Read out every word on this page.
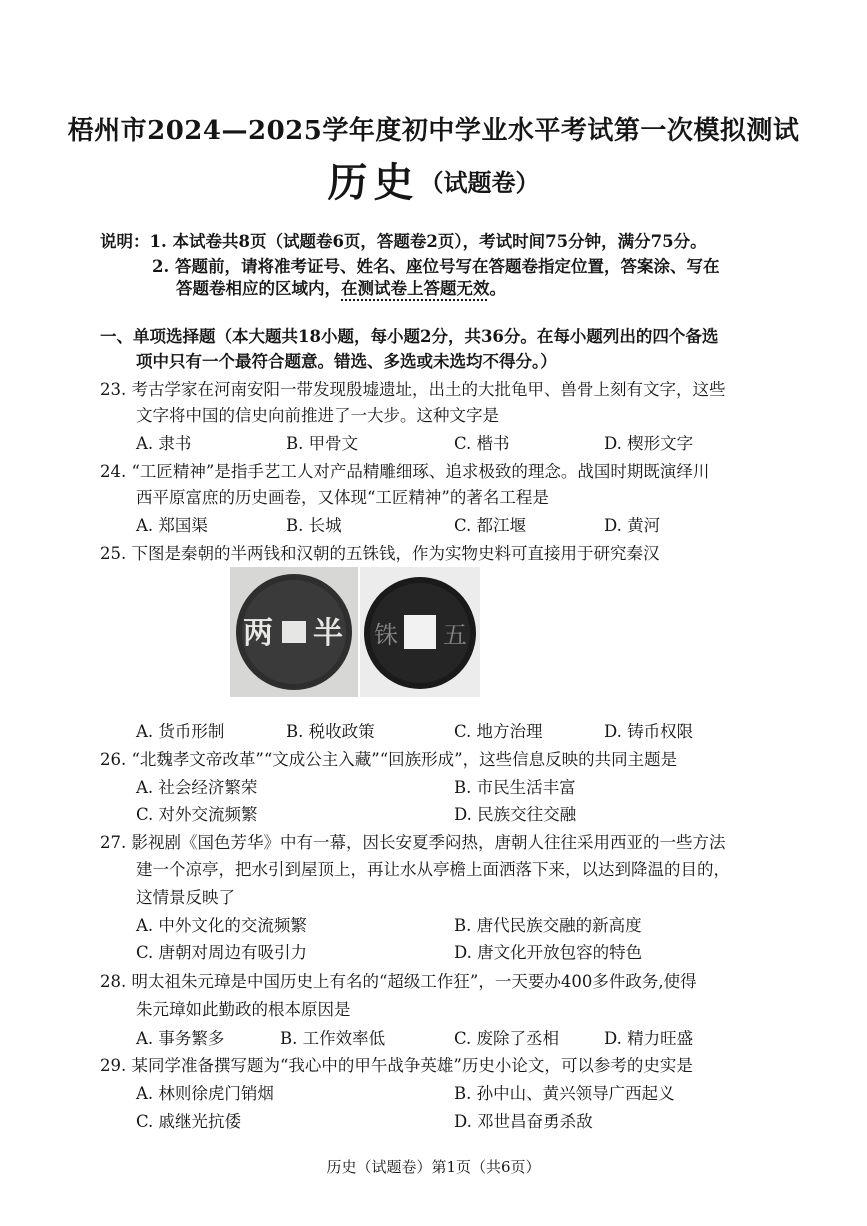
梧州市2024—2025学年度初中学业水平考试第一次模拟测试
历史（试题卷）
说明：1. 本试卷共8页（试题卷6页，答题卷2页），考试时间75分钟，满分75分。
2. 答题前，请将准考证号、姓名、座位号写在答题卷指定位置，答案涂、写在
答题卷相应的区域内，在测试卷上答题无效。
一、单项选择题（本大题共18小题，每小题2分，共36分。在每小题列出的四个备选
项中只有一个最符合题意。错选、多选或未选均不得分。）
23. 考古学家在河南安阳一带发现殷墟遗址，出土的大批龟甲、兽骨上刻有文字，这些
文字将中国的信史向前推进了一大步。这种文字是
A. 隶书	B. 甲骨文	C. 楷书	D. 楔形文字
24. “工匠精神”是指手艺工人对产品精雕细琢、追求极致的理念。战国时期既演绎川
西平原富庶的历史画卷，又体现“工匠精神”的著名工程是
A. 郑国渠	B. 长城	C. 都江堰	D. 黄河
25. 下图是秦朝的半两钱和汉朝的五铢钱，作为实物史料可直接用于研究秦汉
两 半 铢 五
A. 货币形制	B. 税收政策	C. 地方治理	D. 铸币权限
26. “北魏孝文帝改革”“文成公主入藏”“回族形成”，这些信息反映的共同主题是
A. 社会经济繁荣	B. 市民生活丰富
C. 对外交流频繁	D. 民族交往交融
27. 影视剧《国色芳华》中有一幕，因长安夏季闷热，唐朝人往往采用西亚的一些方法
建一个凉亭，把水引到屋顶上，再让水从亭檐上面洒落下来，以达到降温的目的，
这情景反映了
A. 中外文化的交流频繁	B. 唐代民族交融的新高度
C. 唐朝对周边有吸引力	D. 唐文化开放包容的特色
28. 明太祖朱元璋是中国历史上有名的“超级工作狂”，一天要办400多件政务,使得
朱元璋如此勤政的根本原因是
A. 事务繁多	B. 工作效率低	C. 废除了丞相	D. 精力旺盛
29. 某同学准备撰写题为“我心中的甲午战争英雄”历史小论文，可以参考的史实是
A. 林则徐虎门销烟	B. 孙中山、黄兴领导广西起义
C. 戚继光抗倭	D. 邓世昌奋勇杀敌
历史（试题卷）第1页（共6页）
